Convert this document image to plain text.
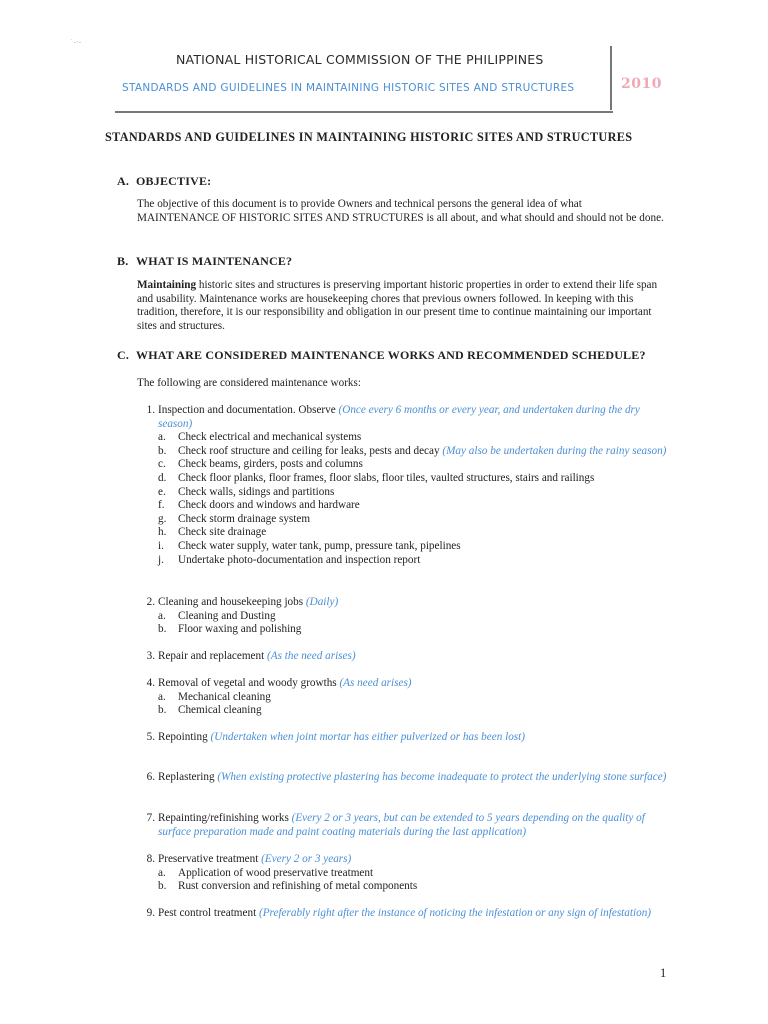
˙ ‐·‐
NATIONAL HISTORICAL COMMISSION OF THE PHILIPPINES
STANDARDS AND GUIDELINES IN MAINTAINING HISTORIC SITES AND STRUCTURES	2010
STANDARDS AND GUIDELINES IN MAINTAINING HISTORIC SITES AND STRUCTURES
A. OBJECTIVE:
The objective of this document is to provide Owners and technical persons the general idea of what MAINTENANCE OF HISTORIC SITES AND STRUCTURES is all about, and what should and should not be done.
B. WHAT IS MAINTENANCE?
Maintaining historic sites and structures is preserving important historic properties in order to extend their life span and usability. Maintenance works are housekeeping chores that previous owners followed. In keeping with this tradition, therefore, it is our responsibility and obligation in our present time to continue maintaining our important sites and structures.
C. WHAT ARE CONSIDERED MAINTENANCE WORKS AND RECOMMENDED SCHEDULE?
The following are considered maintenance works:
1. Inspection and documentation. Observe (Once every 6 months or every year, and undertaken during the dry season)
a.	Check electrical and mechanical systems
b.	Check roof structure and ceiling for leaks, pests and decay (May also be undertaken during the rainy season)
c.	Check beams, girders, posts and columns
d.	Check floor planks, floor frames, floor slabs, floor tiles, vaulted structures, stairs and railings
e.	Check walls, sidings and partitions
f.	Check doors and windows and hardware
g.	Check storm drainage system
h.	Check site drainage
i.	Check water supply, water tank, pump, pressure tank, pipelines
j.	Undertake photo-documentation and inspection report
2. Cleaning and housekeeping jobs (Daily)
a.	Cleaning and Dusting
b.	Floor waxing and polishing
3. Repair and replacement (As the need arises)
4. Removal of vegetal and woody growths (As need arises)
a.	Mechanical cleaning
b.	Chemical cleaning
5. Repointing (Undertaken when joint mortar has either pulverized or has been lost)
6. Replastering (When existing protective plastering has become inadequate to protect the underlying stone surface)
7. Repainting/refinishing works (Every 2 or 3 years, but can be extended to 5 years depending on the quality of surface preparation made and paint coating materials during the last application)
8. Preservative treatment (Every 2 or 3 years)
a.	Application of wood preservative treatment
b.	Rust conversion and refinishing of metal components
9. Pest control treatment (Preferably right after the instance of noticing the infestation or any sign of infestation)
1
